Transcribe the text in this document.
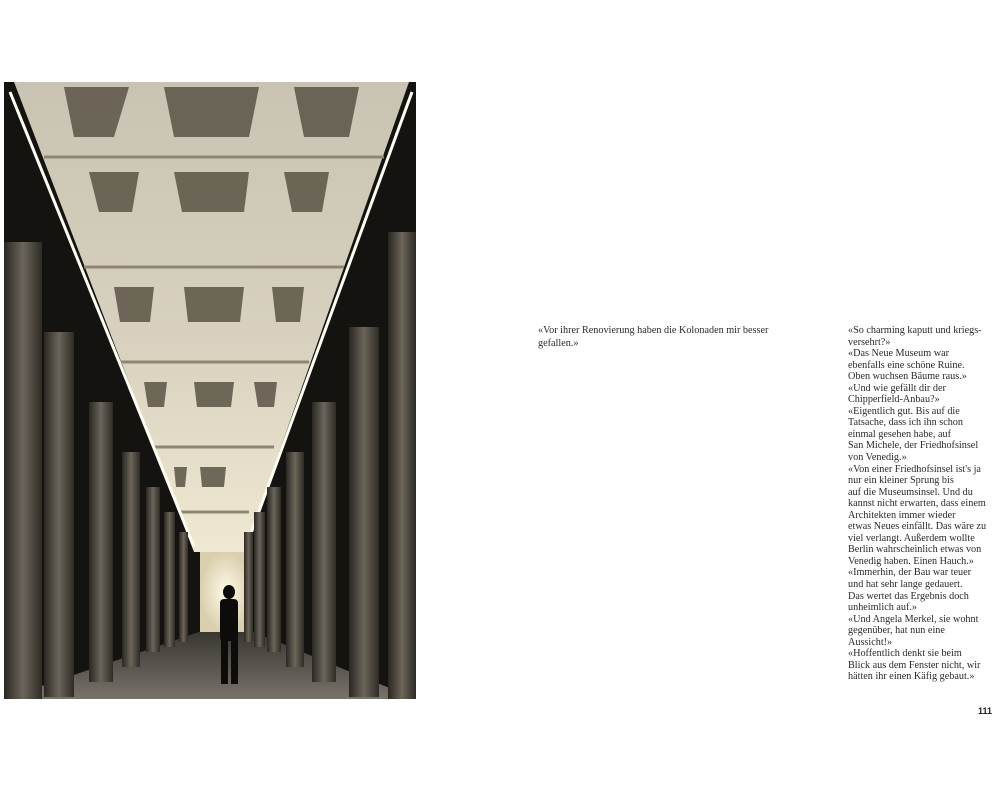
«Vor ihrer Renovierung haben die Kolonaden mir besser gefallen.»

«So charming kaputt und kriegs-
versehrt?»
«Das Neue Museum war
ebenfalls eine schöne Ruine.
Oben wuchsen Bäume raus.»
«Und wie gefällt dir der
Chipperfield-Anbau?»
«Eigentlich gut. Bis auf die
Tatsache, dass ich ihn schon
einmal gesehen habe, auf
San Michele, der Friedhofsinsel
von Venedig.»
«Von einer Friedhofsinsel ist's ja
nur ein kleiner Sprung bis
auf die Museumsinsel. Und du
kannst nicht erwarten, dass einem
Architekten immer wieder
etwas Neues einfällt. Das wäre zu
viel verlangt. Außerdem wollte
Berlin wahrscheinlich etwas von
Venedig haben. Einen Hauch.»
«Immerhin, der Bau war teuer
und hat sehr lange gedauert.
Das wertet das Ergebnis doch
unheimlich auf.»
«Und Angela Merkel, sie wohnt
gegenüber, hat nun eine
Aussicht!»
«Hoffentlich denkt sie beim
Blick aus dem Fenster nicht, wir
hätten ihr einen Käfig gebaut.»
111
